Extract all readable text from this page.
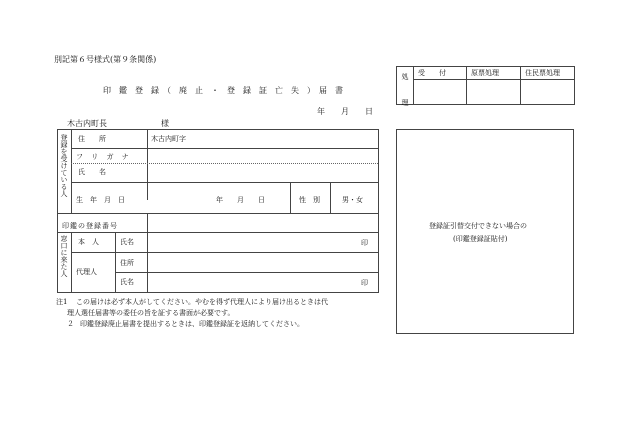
別記第６号様式(第９条関係)
印　鑑　登　録　（　廃　止　・　登　録　証　亡　失　）　届　書
年　　月　　日
木古内町長	様
処　理 受　　付	原票処理	住民票処理
登録を受けている人 住　　所	木古内町字
フ リ ガ ナ
氏　　名
生　年　月　日	年　　月　　日	性　別	男・女
印鑑の登録番号
窓口に来た人 本　人	氏名	印
代理人
住所
氏名	印
注1 この届けは必ず本人がしてください。やむを得ず代理人により届け出るときは代
理人選任届書等の委任の旨を証する書面が必要です。
２ 印鑑登録廃止届書を提出するときは、印鑑登録証を返納してください。
登録証引替交付できない場合の
(印鑑登録証貼付)
